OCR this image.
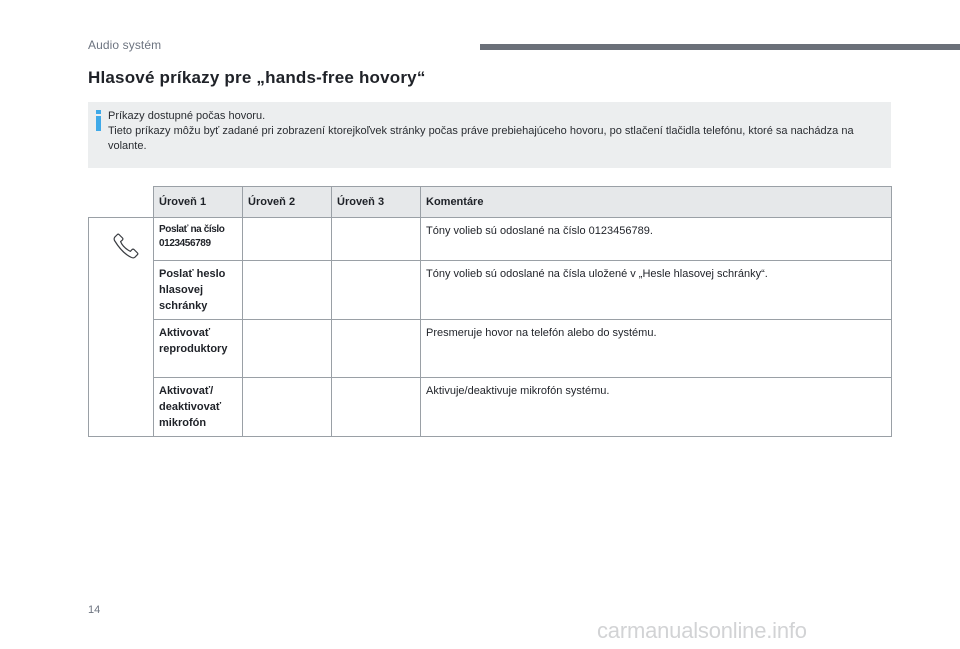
Audio systém
Hlasové príkazy pre „hands-free hovory“
Príkazy dostupné počas hovoru.
Tieto príkazy môžu byť zadané pri zobrazení ktorejkoľvek stránky počas práve prebiehajúceho hovoru, po stlačení tlačidla telefónu, ktoré sa nachádza na volante.
	Úroveň 1	Úroveň 2	Úroveň 3	Komentáre

	Poslať na číslo 0123456789			Tóny volieb sú odoslané na číslo 0123456789.
	Poslať heslo hlasovej schránky			Tóny volieb sú odoslané na čísla uložené v „Hesle hlasovej schránky“.
	Aktivovať reproduktory			Presmeruje hovor na telefón alebo do systému.
	Aktivovať/ deaktivovať mikrofón			Aktivuje/deaktivuje mikrofón systému.
14
carmanualsonline.info
